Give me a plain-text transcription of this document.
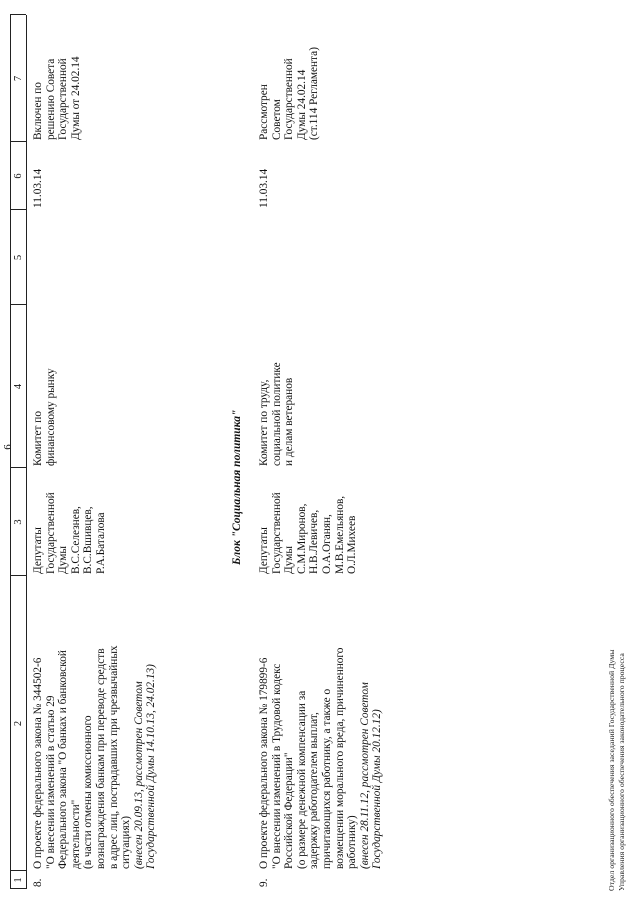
6
1
2
3
4
5
6
7
8.
О проекте федерального закона № 344502-6
"О внесении изменений в статью 29
Федерального закона "О банках и банковской
деятельности"
(в части отмены комиссионного
вознаграждения банкам при переводе средств
в адрес лиц, пострадавших при чрезвычайных
ситуациях) (внесен 20.09.13, рассмотрен Советом
Государственной Думы 14.10.13, 24.02.13)
Депутаты
Государственной
Думы
В.С.Селезнев,
В.С.Вшивцев,
Р.А.Баталова
Комитет по
финансовому рынку
11.03.14
Включен по
решению Совета
Государственной
Думы от 24.02.14
Блок "Социальная политика"
9.
О проекте федерального закона № 179899-6
"О внесении изменений в Трудовой кодекс
Российской Федерации"
(о размере денежной компенсации за
задержку работодателем выплат,
причитающихся работнику, а также о
возмещении морального вреда, причиненного
работнику) (внесен 28.11.12, рассмотрен Советом
Государственной Думы 20.12.12)
Депутаты
Государственной
Думы
С.М.Миронов,
Н.В.Левичев,
О.А.Оганян,
М.В.Емельянов,
О.Л.Михеев
Комитет по труду,
социальной политике
и делам ветеранов
11.03.14
Рассмотрен
Советом
Государственной
Думы 24.02.14
(ст.114 Регламента)
Отдел организационного обеспечения заседаний Государственной Думы Управления организационного обеспечения законодательного процесса
